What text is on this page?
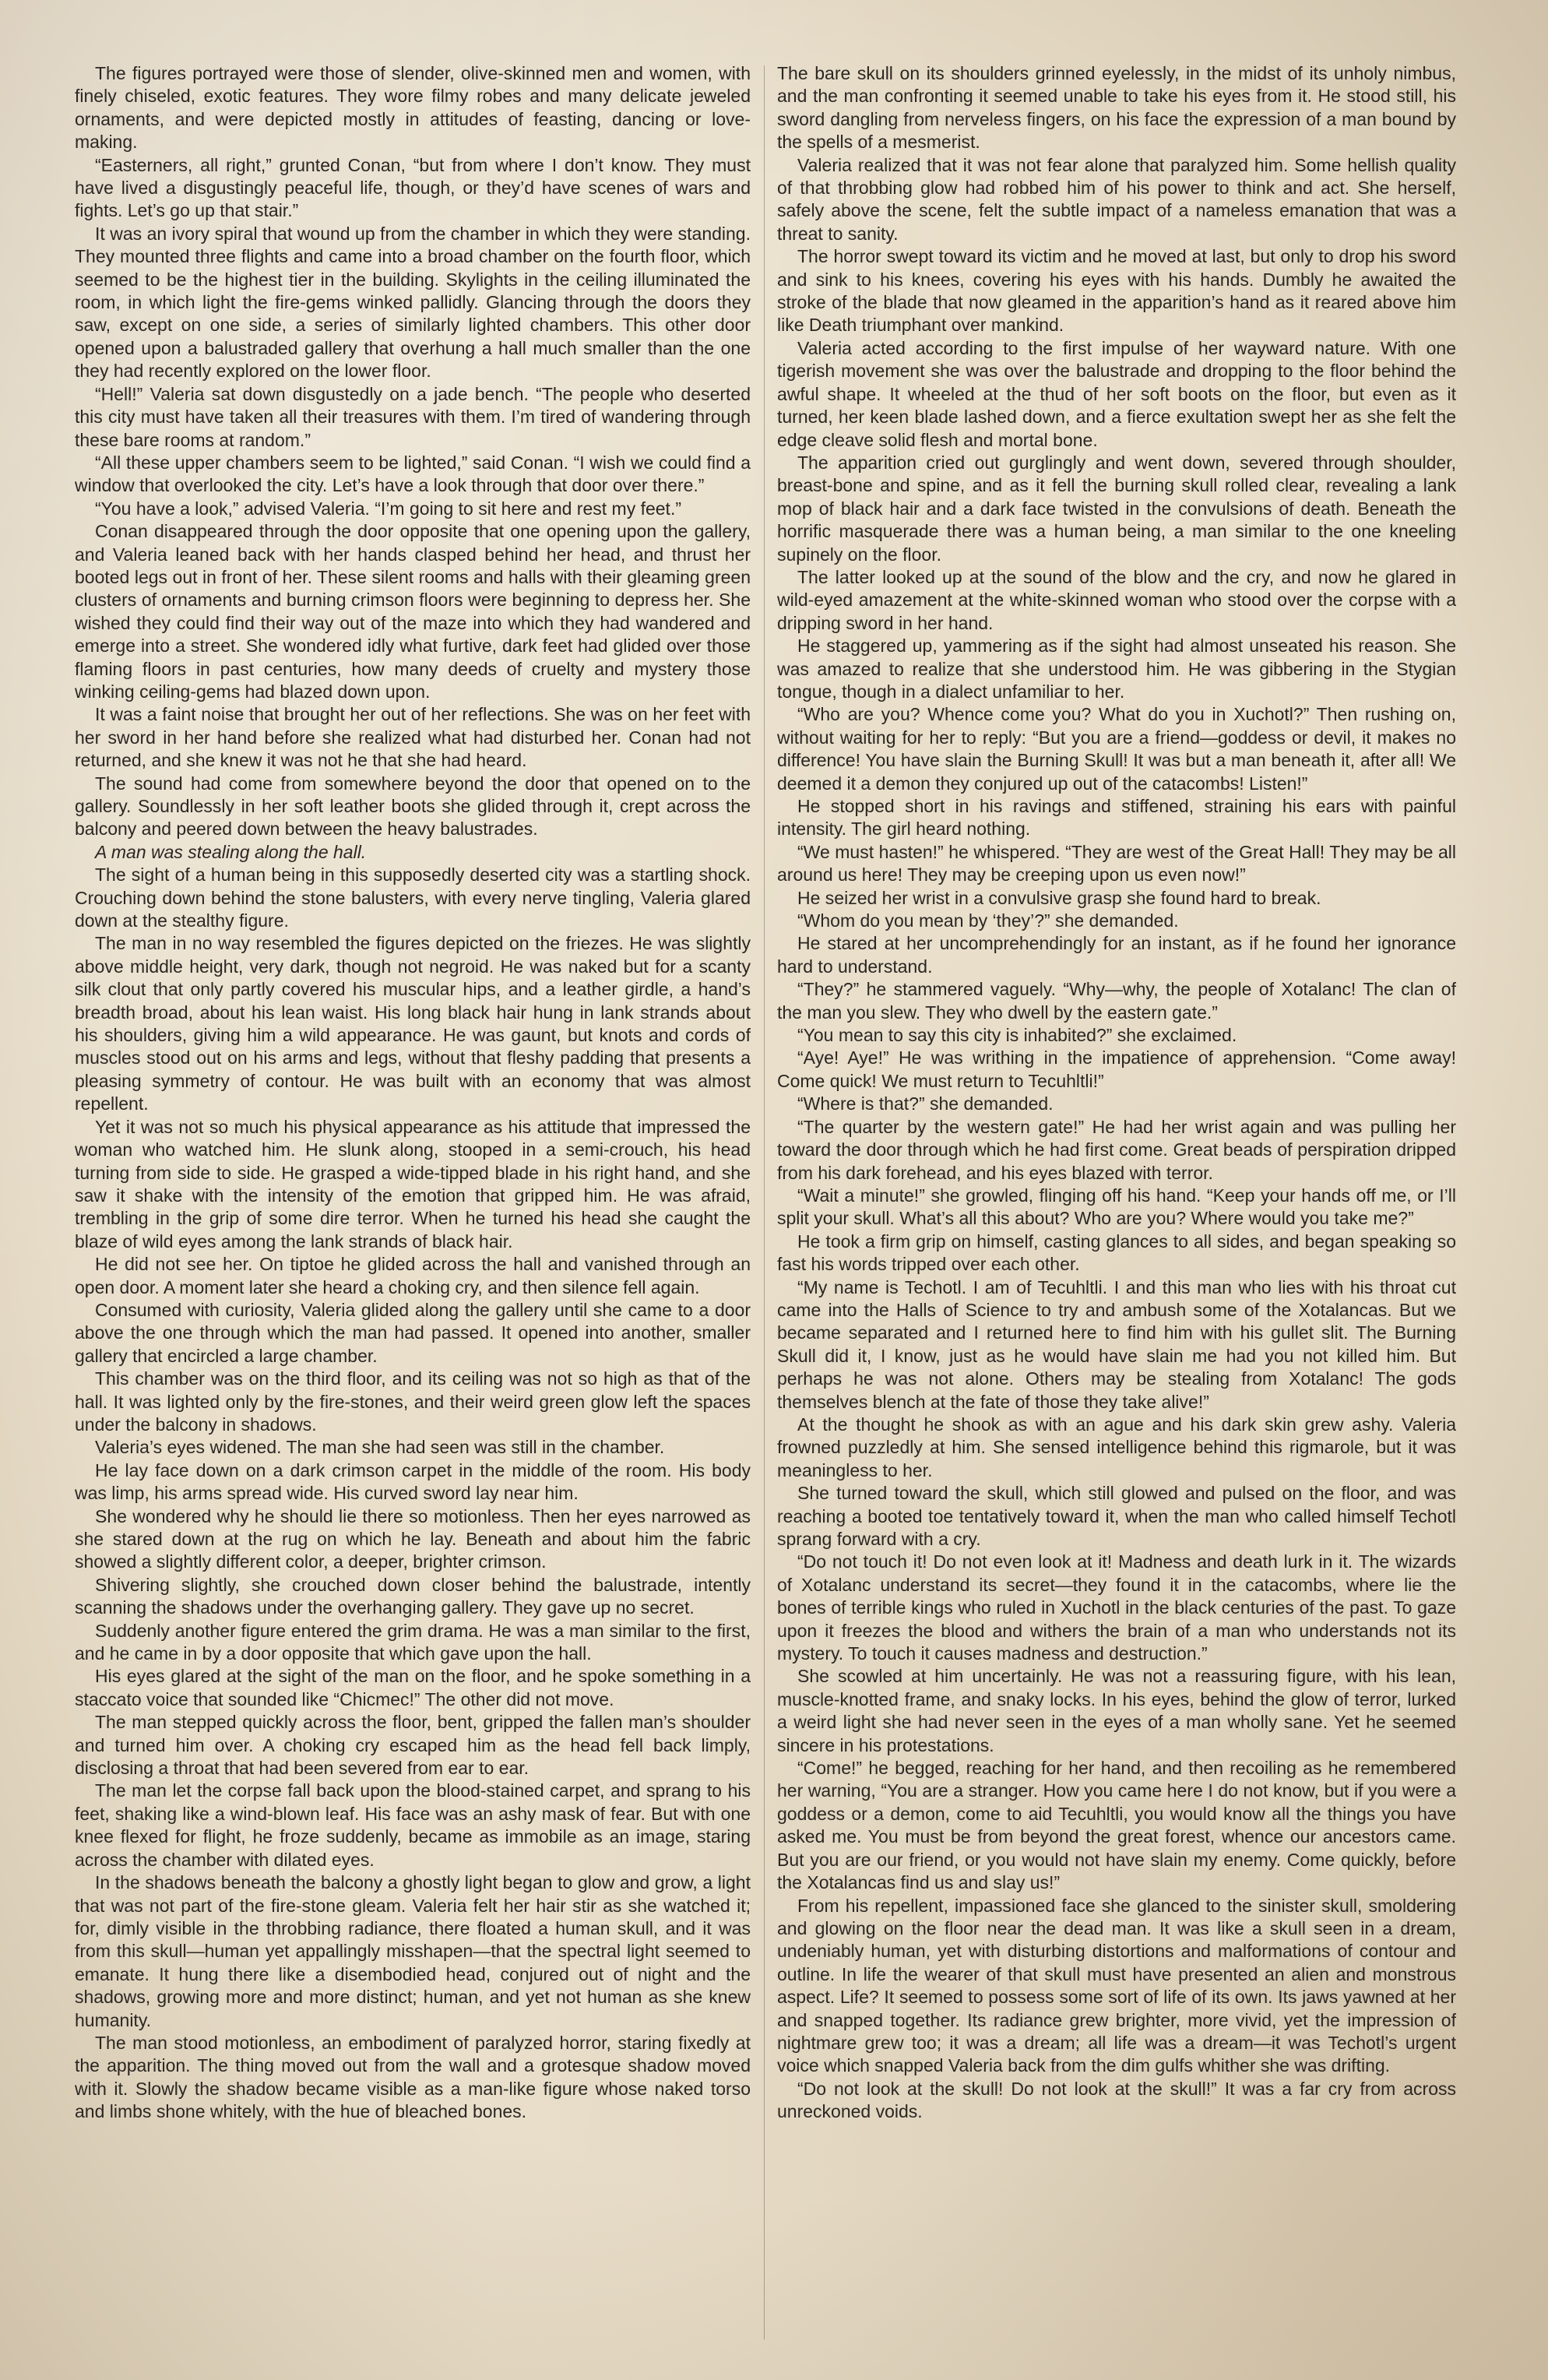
The figures portrayed were those of slender, olive-skinned men and women, with finely chiseled, exotic features. They wore filmy robes and many delicate jeweled ornaments, and were depicted mostly in attitudes of feasting, dancing or love-making.

“Easterners, all right,” grunted Conan, “but from where I don’t know. They must have lived a disgustingly peaceful life, though, or they’d have scenes of wars and fights. Let’s go up that stair.”

It was an ivory spiral that wound up from the chamber in which they were standing. They mounted three flights and came into a broad chamber on the fourth floor, which seemed to be the highest tier in the building. Skylights in the ceiling illuminated the room, in which light the fire-gems winked pallidly. Glancing through the doors they saw, except on one side, a series of similarly lighted chambers. This other door opened upon a balustraded gallery that overhung a hall much smaller than the one they had recently explored on the lower floor.

“Hell!” Valeria sat down disgustedly on a jade bench. “The people who deserted this city must have taken all their treasures with them. I’m tired of wandering through these bare rooms at random.”

“All these upper chambers seem to be lighted,” said Conan. “I wish we could find a window that overlooked the city. Let’s have a look through that door over there.”

“You have a look,” advised Valeria. “I’m going to sit here and rest my feet.”

Conan disappeared through the door opposite that one opening upon the gallery, and Valeria leaned back with her hands clasped behind her head, and thrust her booted legs out in front of her. These silent rooms and halls with their gleaming green clusters of ornaments and burning crimson floors were beginning to depress her. She wished they could find their way out of the maze into which they had wandered and emerge into a street. She wondered idly what furtive, dark feet had glided over those flaming floors in past centuries, how many deeds of cruelty and mystery those winking ceiling-gems had blazed down upon.

It was a faint noise that brought her out of her reflections. She was on her feet with her sword in her hand before she realized what had disturbed her. Conan had not returned, and she knew it was not he that she had heard.

The sound had come from somewhere beyond the door that opened on to the gallery. Soundlessly in her soft leather boots she glided through it, crept across the balcony and peered down between the heavy balustrades.

A man was stealing along the hall.

The sight of a human being in this supposedly deserted city was a startling shock. Crouching down behind the stone balusters, with every nerve tingling, Valeria glared down at the stealthy figure.

The man in no way resembled the figures depicted on the friezes. He was slightly above middle height, very dark, though not negroid. He was naked but for a scanty silk clout that only partly covered his muscular hips, and a leather girdle, a hand’s breadth broad, about his lean waist. His long black hair hung in lank strands about his shoulders, giving him a wild appearance. He was gaunt, but knots and cords of muscles stood out on his arms and legs, without that fleshy padding that presents a pleasing symmetry of contour. He was built with an economy that was almost repellent.

Yet it was not so much his physical appearance as his attitude that impressed the woman who watched him. He slunk along, stooped in a semi-crouch, his head turning from side to side. He grasped a wide-tipped blade in his right hand, and she saw it shake with the intensity of the emotion that gripped him. He was afraid, trembling in the grip of some dire terror. When he turned his head she caught the blaze of wild eyes among the lank strands of black hair.

He did not see her. On tiptoe he glided across the hall and vanished through an open door. A moment later she heard a choking cry, and then silence fell again.

Consumed with curiosity, Valeria glided along the gallery until she came to a door above the one through which the man had passed. It opened into another, smaller gallery that encircled a large chamber.

This chamber was on the third floor, and its ceiling was not so high as that of the hall. It was lighted only by the fire-stones, and their weird green glow left the spaces under the balcony in shadows.

Valeria’s eyes widened. The man she had seen was still in the chamber.

He lay face down on a dark crimson carpet in the middle of the room. His body was limp, his arms spread wide. His curved sword lay near him.

She wondered why he should lie there so motionless. Then her eyes narrowed as she stared down at the rug on which he lay. Beneath and about him the fabric showed a slightly different color, a deeper, brighter crimson.

Shivering slightly, she crouched down closer behind the balustrade, intently scanning the shadows under the overhanging gallery. They gave up no secret.

Suddenly another figure entered the grim drama. He was a man similar to the first, and he came in by a door opposite that which gave upon the hall.

His eyes glared at the sight of the man on the floor, and he spoke something in a staccato voice that sounded like “Chicmec!” The other did not move.

The man stepped quickly across the floor, bent, gripped the fallen man’s shoulder and turned him over. A choking cry escaped him as the head fell back limply, disclosing a throat that had been severed from ear to ear.

The man let the corpse fall back upon the blood-stained carpet, and sprang to his feet, shaking like a wind-blown leaf. His face was an ashy mask of fear. But with one knee flexed for flight, he froze suddenly, became as immobile as an image, staring across the chamber with dilated eyes.

In the shadows beneath the balcony a ghostly light began to glow and grow, a light that was not part of the fire-stone gleam. Valeria felt her hair stir as she watched it; for, dimly visible in the throbbing radiance, there floated a human skull, and it was from this skull—human yet appallingly misshapen—that the spectral light seemed to emanate. It hung there like a disembodied head, conjured out of night and the shadows, growing more and more distinct; human, and yet not human as she knew humanity.

The man stood motionless, an embodiment of paralyzed horror, staring fixedly at the apparition. The thing moved out from the wall and a grotesque shadow moved with it. Slowly the shadow became visible as a man-like figure whose naked torso and limbs shone whitely, with the hue of bleached bones.

The bare skull on its shoulders grinned eyelessly, in the midst of its unholy nimbus, and the man confronting it seemed unable to take his eyes from it. He stood still, his sword dangling from nerveless fingers, on his face the expression of a man bound by the spells of a mesmerist.

Valeria realized that it was not fear alone that paralyzed him. Some hellish quality of that throbbing glow had robbed him of his power to think and act. She herself, safely above the scene, felt the subtle impact of a nameless emanation that was a threat to sanity.

The horror swept toward its victim and he moved at last, but only to drop his sword and sink to his knees, covering his eyes with his hands. Dumbly he awaited the stroke of the blade that now gleamed in the apparition’s hand as it reared above him like Death triumphant over mankind.

Valeria acted according to the first impulse of her wayward nature. With one tigerish movement she was over the balustrade and dropping to the floor behind the awful shape. It wheeled at the thud of her soft boots on the floor, but even as it turned, her keen blade lashed down, and a fierce exultation swept her as she felt the edge cleave solid flesh and mortal bone.

The apparition cried out gurglingly and went down, severed through shoulder, breast-bone and spine, and as it fell the burning skull rolled clear, revealing a lank mop of black hair and a dark face twisted in the convulsions of death. Beneath the horrific masquerade there was a human being, a man similar to the one kneeling supinely on the floor.

The latter looked up at the sound of the blow and the cry, and now he glared in wild-eyed amazement at the white-skinned woman who stood over the corpse with a dripping sword in her hand.

He staggered up, yammering as if the sight had almost unseated his reason. She was amazed to realize that she understood him. He was gibbering in the Stygian tongue, though in a dialect unfamiliar to her.

“Who are you? Whence come you? What do you in Xuchotl?” Then rushing on, without waiting for her to reply: “But you are a friend—goddess or devil, it makes no difference! You have slain the Burning Skull! It was but a man beneath it, after all! We deemed it a demon they conjured up out of the catacombs! Listen!”

He stopped short in his ravings and stiffened, straining his ears with painful intensity. The girl heard nothing.

“We must hasten!” he whispered. “They are west of the Great Hall! They may be all around us here! They may be creeping upon us even now!”

He seized her wrist in a convulsive grasp she found hard to break.

“Whom do you mean by ‘they’?” she demanded.

He stared at her uncomprehendingly for an instant, as if he found her ignorance hard to understand.

“They?” he stammered vaguely. “Why—why, the people of Xotalanc! The clan of the man you slew. They who dwell by the eastern gate.”

“You mean to say this city is inhabited?” she exclaimed.

“Aye! Aye!” He was writhing in the impatience of apprehension. “Come away! Come quick! We must return to Tecuhltli!”

“Where is that?” she demanded.

“The quarter by the western gate!” He had her wrist again and was pulling her toward the door through which he had first come. Great beads of perspiration dripped from his dark forehead, and his eyes blazed with terror.

“Wait a minute!” she growled, flinging off his hand. “Keep your hands off me, or I’ll split your skull. What’s all this about? Who are you? Where would you take me?”

He took a firm grip on himself, casting glances to all sides, and began speaking so fast his words tripped over each other.

“My name is Techotl. I am of Tecuhltli. I and this man who lies with his throat cut came into the Halls of Science to try and ambush some of the Xotalancas. But we became separated and I returned here to find him with his gullet slit. The Burning Skull did it, I know, just as he would have slain me had you not killed him. But perhaps he was not alone. Others may be stealing from Xotalanc! The gods themselves blench at the fate of those they take alive!”

At the thought he shook as with an ague and his dark skin grew ashy. Valeria frowned puzzledly at him. She sensed intelligence behind this rigmarole, but it was meaningless to her.

She turned toward the skull, which still glowed and pulsed on the floor, and was reaching a booted toe tentatively toward it, when the man who called himself Techotl sprang forward with a cry.

“Do not touch it! Do not even look at it! Madness and death lurk in it. The wizards of Xotalanc understand its secret—they found it in the catacombs, where lie the bones of terrible kings who ruled in Xuchotl in the black centuries of the past. To gaze upon it freezes the blood and withers the brain of a man who understands not its mystery. To touch it causes madness and destruction.”

She scowled at him uncertainly. He was not a reassuring figure, with his lean, muscle-knotted frame, and snaky locks. In his eyes, behind the glow of terror, lurked a weird light she had never seen in the eyes of a man wholly sane. Yet he seemed sincere in his protestations.

“Come!” he begged, reaching for her hand, and then recoiling as he remembered her warning, “You are a stranger. How you came here I do not know, but if you were a goddess or a demon, come to aid Tecuhltli, you would know all the things you have asked me. You must be from beyond the great forest, whence our ancestors came. But you are our friend, or you would not have slain my enemy. Come quickly, before the Xotalancas find us and slay us!”

From his repellent, impassioned face she glanced to the sinister skull, smoldering and glowing on the floor near the dead man. It was like a skull seen in a dream, undeniably human, yet with disturbing distortions and malformations of contour and outline. In life the wearer of that skull must have presented an alien and monstrous aspect. Life? It seemed to possess some sort of life of its own. Its jaws yawned at her and snapped together. Its radiance grew brighter, more vivid, yet the impression of nightmare grew too; it was a dream; all life was a dream—it was Techotl’s urgent voice which snapped Valeria back from the dim gulfs whither she was drifting.

“Do not look at the skull! Do not look at the skull!” It was a far cry from across unreckoned voids.
